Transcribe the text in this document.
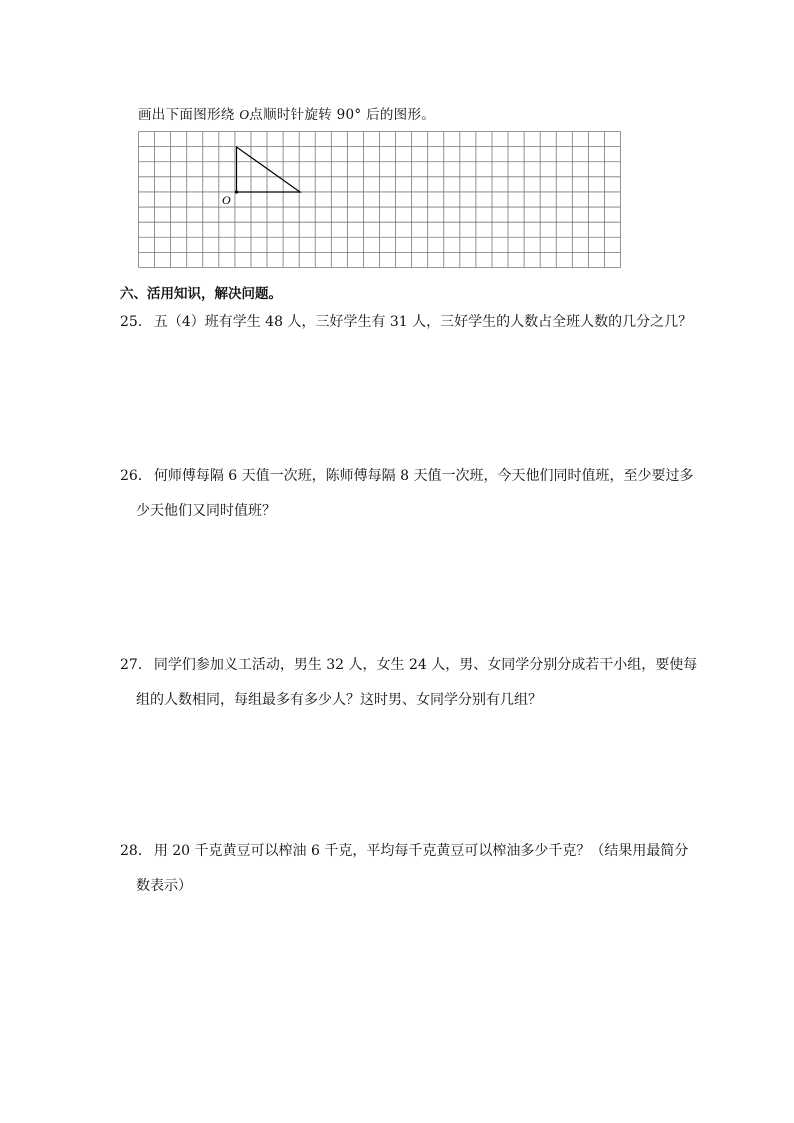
画出下面图形绕 O点顺时针旋转 90° 后的图形。
O
六、活用知识，解决问题。
25． 五（4）班有学生 48 人，三好学生有 31 人，三好学生的人数占全班人数的几分之几？
26． 何师傅每隔 6 天值一次班，陈师傅每隔 8 天值一次班，今天他们同时值班，至少要过多
少天他们又同时值班？
27． 同学们参加义工活动，男生 32 人，女生 24 人，男、女同学分别分成若干小组，要使每
组的人数相同，每组最多有多少人？这时男、女同学分别有几组？
28． 用 20 千克黄豆可以榨油 6 千克，平均每千克黄豆可以榨油多少千克？（结果用最简分
数表示）
